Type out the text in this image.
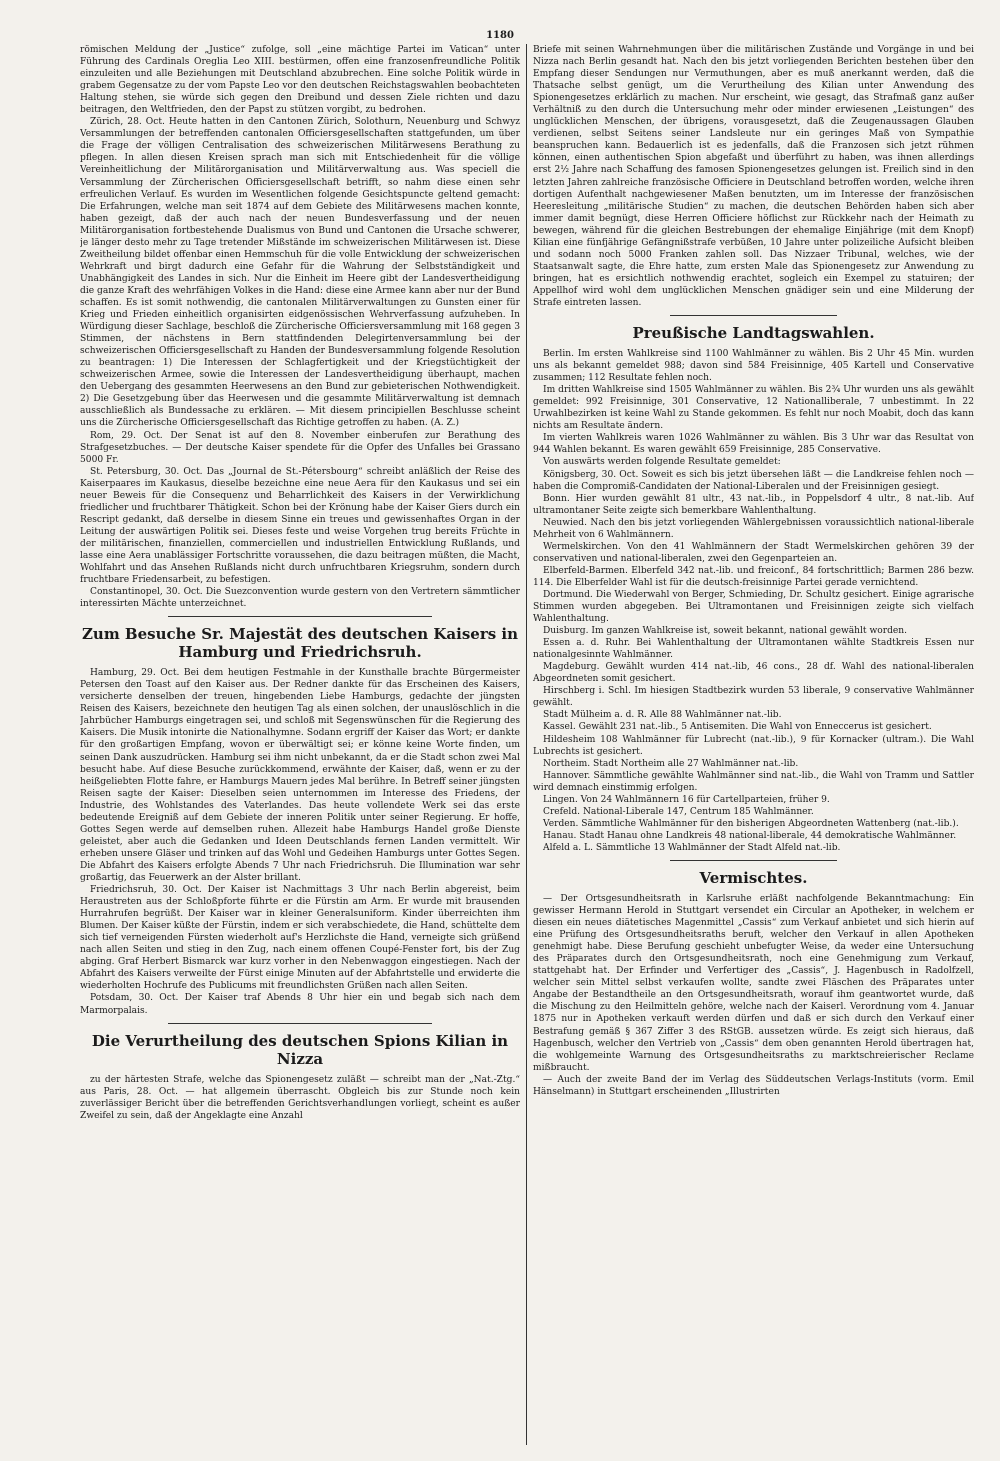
1180

römischen Meldung der „Justice“ zufolge, soll „eine mächtige Partei im Vatican“ unter Führung des Cardinals Oreglia Leo XIII. bestürmen, offen eine franzosenfreundliche Politik einzuleiten und alle Beziehungen mit Deutschland abzubrechen. Eine solche Politik würde in grabem Gegensatze zu der vom Papste Leo vor den deutschen Reichstagswahlen beobachteten Haltung stehen, sie würde sich gegen den Dreibund und dessen Ziele richten und dazu beitragen, den Weltfrieden, den der Papst zu stützen vorgibt, zu bedrohen.

Zürich, 28. Oct. Heute hatten in den Cantonen Zürich, Solothurn, Neuenburg und Schwyz Versammlungen der betreffenden cantonalen Officiersgesellschaften stattgefunden, um über die Frage der völligen Centralisation des schweizerischen Militärwesens Berathung zu pflegen. In allen diesen Kreisen sprach man sich mit Entschiedenheit für die völlige Vereinheitlichung der Militärorganisation und Militärverwaltung aus. Was speciell die Versammlung der Zürcherischen Officiersgesellschaft betrifft, so nahm diese einen sehr erfreulichen Verlauf. Es wurden im Wesentlichen folgende Gesichtspuncte geltend gemacht: Die Erfahrungen, welche man seit 1874 auf dem Gebiete des Militärwesens machen konnte, haben gezeigt, daß der auch nach der neuen Bundesverfassung und der neuen Militärorganisation fortbestehende Dualismus von Bund und Cantonen die Ursache schwerer, je länger desto mehr zu Tage tretender Mißstände im schweizerischen Militärwesen ist. Diese Zweitheilung bildet offenbar einen Hemmschuh für die volle Entwicklung der schweizerischen Wehrkraft und birgt dadurch eine Gefahr für die Wahrung der Selbstständigkeit und Unabhängigkeit des Landes in sich. Nur die Einheit im Heere gibt der Landesvertheidigung die ganze Kraft des wehrfähigen Volkes in die Hand: diese eine Armee kann aber nur der Bund schaffen. Es ist somit nothwendig, die cantonalen Militärverwaltungen zu Gunsten einer für Krieg und Frieden einheitlich organisirten eidgenössischen Wehrverfassung aufzuheben. In Würdigung dieser Sachlage, beschloß die Zürcherische Officiersversammlung mit 168 gegen 3 Stimmen, der nächstens in Bern stattfindenden Delegirtenversammlung bei der schweizerischen Officiersgesellschaft zu Handen der Bundesversammlung folgende Resolution zu beantragen: 1) Die Interessen der Schlagfertigkeit und der Kriegstüchtigkeit der schweizerischen Armee, sowie die Interessen der Landesvertheidigung überhaupt, machen den Uebergang des gesammten Heerwesens an den Bund zur gebieterischen Nothwendigkeit. 2) Die Gesetzgebung über das Heerwesen und die gesammte Militärverwaltung ist demnach ausschließlich als Bundessache zu erklären. — Mit diesem principiellen Beschlusse scheint uns die Zürcherische Officiersgesellschaft das Richtige getroffen zu haben. (A. Z.)

Rom, 29. Oct. Der Senat ist auf den 8. November einberufen zur Berathung des Strafgesetzbuches. — Der deutsche Kaiser spendete für die Opfer des Unfalles bei Grassano 5000 Fr.

St. Petersburg, 30. Oct. Das „Journal de St.-Pétersbourg“ schreibt anläßlich der Reise des Kaiserpaares im Kaukasus, dieselbe bezeichne eine neue Aera für den Kaukasus und sei ein neuer Beweis für die Consequenz und Beharrlichkeit des Kaisers in der Verwirklichung friedlicher und fruchtbarer Thätigkeit. Schon bei der Krönung habe der Kaiser Giers durch ein Rescript gedankt, daß derselbe in diesem Sinne ein treues und gewissenhaftes Organ in der Leitung der auswärtigen Politik sei. Dieses feste und weise Vorgehen trug bereits Früchte in der militärischen, finanziellen, commerciellen und industriellen Entwicklung Rußlands, und lasse eine Aera unablässiger Fortschritte voraussehen, die dazu beitragen müßten, die Macht, Wohlfahrt und das Ansehen Rußlands nicht durch unfruchtbaren Kriegsruhm, sondern durch fruchtbare Friedensarbeit, zu befestigen.

Constantinopel, 30. Oct. Die Suezconvention wurde gestern von den Vertretern sämmtlicher interessirten Mächte unterzeichnet.

Zum Besuche Sr. Majestät des deutschen Kaisers in Hamburg und Friedrichsruh.

Hamburg, 29. Oct. Bei dem heutigen Festmahle in der Kunsthalle brachte Bürgermeister Petersen den Toast auf den Kaiser aus. Der Redner dankte für das Erscheinen des Kaisers, versicherte denselben der treuen, hingebenden Liebe Hamburgs, gedachte der jüngsten Reisen des Kaisers, bezeichnete den heutigen Tag als einen solchen, der unauslöschlich in die Jahrbücher Hamburgs eingetragen sei, und schloß mit Segenswünschen für die Regierung des Kaisers. Die Musik intonirte die Nationalhymne. Sodann ergriff der Kaiser das Wort; er dankte für den großartigen Empfang, wovon er überwältigt sei; er könne keine Worte finden, um seinen Dank auszudrücken. Hamburg sei ihm nicht unbekannt, da er die Stadt schon zwei Mal besucht habe. Auf diese Besuche zurückkommend, erwähnte der Kaiser, daß, wenn er zu der heißgeliebten Flotte fahre, er Hamburgs Mauern jedes Mal berühre. In Betreff seiner jüngsten Reisen sagte der Kaiser: Dieselben seien unternommen im Interesse des Friedens, der Industrie, des Wohlstandes des Vaterlandes. Das heute vollendete Werk sei das erste bedeutende Ereigniß auf dem Gebiete der inneren Politik unter seiner Regierung. Er hoffe, Gottes Segen werde auf demselben ruhen. Allezeit habe Hamburgs Handel große Dienste geleistet, aber auch die Gedanken und Ideen Deutschlands fernen Landen vermittelt. Wir erheben unsere Gläser und trinken auf das Wohl und Gedeihen Hamburgs unter Gottes Segen. Die Abfahrt des Kaisers erfolgte Abends 7 Uhr nach Friedrichsruh. Die Illumination war sehr großartig, das Feuerwerk an der Alster brillant.

Friedrichsruh, 30. Oct. Der Kaiser ist Nachmittags 3 Uhr nach Berlin abgereist, beim Heraustreten aus der Schloßpforte führte er die Fürstin am Arm. Er wurde mit brausenden Hurrahrufen begrüßt. Der Kaiser war in kleiner Generalsuniform. Kinder überreichten ihm Blumen. Der Kaiser küßte der Fürstin, indem er sich verabschiedete, die Hand, schüttelte dem sich tief verneigenden Fürsten wiederholt auf's Herzlichste die Hand, verneigte sich grüßend nach allen Seiten und stieg in den Zug, nach einem offenen Coupé-Fenster fort, bis der Zug abging. Graf Herbert Bismarck war kurz vorher in den Nebenwaggon eingestiegen. Nach der Abfahrt des Kaisers verweilte der Fürst einige Minuten auf der Abfahrtstelle und erwiderte die wiederholten Hochrufe des Publicums mit freundlichsten Grüßen nach allen Seiten.

Potsdam, 30. Oct. Der Kaiser traf Abends 8 Uhr hier ein und begab sich nach dem Marmorpalais.

Die Verurtheilung des deutschen Spions Kilian in Nizza

zu der härtesten Strafe, welche das Spionengesetz zuläßt — schreibt man der „Nat.-Ztg.“ aus Paris, 28. Oct. — hat allgemein überrascht. Obgleich bis zur Stunde noch kein zuverlässiger Bericht über die betreffenden Gerichtsverhandlungen vorliegt, scheint es außer Zweifel zu sein, daß der Angeklagte eine Anzahl

Briefe mit seinen Wahrnehmungen über die militärischen Zustände und Vorgänge in und bei Nizza nach Berlin gesandt hat. Nach den bis jetzt vorliegenden Berichten bestehen über den Empfang dieser Sendungen nur Vermuthungen, aber es muß anerkannt werden, daß die Thatsache selbst genügt, um die Verurtheilung des Kilian unter Anwendung des Spionengesetzes erklärlich zu machen. Nur erscheint, wie gesagt, das Strafmaß ganz außer Verhältniß zu den durch die Untersuchung mehr oder minder erwiesenen „Leistungen“ des unglücklichen Menschen, der übrigens, vorausgesetzt, daß die Zeugenaussagen Glauben verdienen, selbst Seitens seiner Landsleute nur ein geringes Maß von Sympathie beanspruchen kann. Bedauerlich ist es jedenfalls, daß die Franzosen sich jetzt rühmen können, einen authentischen Spion abgefaßt und überführt zu haben, was ihnen allerdings erst 2½ Jahre nach Schaffung des famosen Spionengesetzes gelungen ist. Freilich sind in den letzten Jahren zahlreiche französische Officiere in Deutschland betroffen worden, welche ihren dortigen Aufenthalt nachgewiesener Maßen benutzten, um im Interesse der französischen Heeresleitung „militärische Studien“ zu machen, die deutschen Behörden haben sich aber immer damit begnügt, diese Herren Officiere höflichst zur Rückkehr nach der Heimath zu bewegen, während für die gleichen Bestrebungen der ehemalige Einjährige (mit dem Knopf) Kilian eine fünfjährige Gefängnißstrafe verbüßen, 10 Jahre unter polizeiliche Aufsicht bleiben und sodann noch 5000 Franken zahlen soll. Das Nizzaer Tribunal, welches, wie der Staatsanwalt sagte, die Ehre hatte, zum ersten Male das Spionengesetz zur Anwendung zu bringen, hat es ersichtlich nothwendig erachtet, sogleich ein Exempel zu statuiren; der Appellhof wird wohl dem unglücklichen Menschen gnädiger sein und eine Milderung der Strafe eintreten lassen.

Preußische Landtagswahlen.

Berlin. Im ersten Wahlkreise sind 1100 Wahlmänner zu wählen. Bis 2 Uhr 45 Min. wurden uns als bekannt gemeldet 988; davon sind 584 Freisinnige, 405 Kartell und Conservative zusammen; 112 Resultate fehlen noch.

Im dritten Wahlkreise sind 1505 Wahlmänner zu wählen. Bis 2¾ Uhr wurden uns als gewählt gemeldet: 992 Freisinnige, 301 Conservative, 12 Nationalliberale, 7 unbestimmt. In 22 Urwahlbezirken ist keine Wahl zu Stande gekommen. Es fehlt nur noch Moabit, doch das kann nichts am Resultate ändern.

Im vierten Wahlkreis waren 1026 Wahlmänner zu wählen. Bis 3 Uhr war das Resultat von 944 Wahlen bekannt. Es waren gewählt 659 Freisinnige, 285 Conservative.

Von auswärts werden folgende Resultate gemeldet:

Königsberg, 30. Oct. Soweit es sich bis jetzt übersehen läßt — die Landkreise fehlen noch — haben die Compromiß-Candidaten der National-Liberalen und der Freisinnigen gesiegt.

Bonn. Hier wurden gewählt 81 ultr., 43 nat.-lib., in Poppelsdorf 4 ultr., 8 nat.-lib. Auf ultramontaner Seite zeigte sich bemerkbare Wahlenthaltung.

Neuwied. Nach den bis jetzt vorliegenden Wählergebnissen voraussichtlich national-liberale Mehrheit von 6 Wahlmännern.

Wermelskirchen. Von den 41 Wahlmännern der Stadt Wermelskirchen gehören 39 der conservativen und national-liberalen, zwei den Gegenparteien an.

Elberfeld-Barmen. Elberfeld 342 nat.-lib. und freiconf., 84 fortschrittlich; Barmen 286 bezw. 114. Die Elberfelder Wahl ist für die deutsch-freisinnige Partei gerade vernichtend.

Dortmund. Die Wiederwahl von Berger, Schmieding, Dr. Schultz gesichert. Einige agrarische Stimmen wurden abgegeben. Bei Ultramontanen und Freisinnigen zeigte sich vielfach Wahlenthaltung.

Duisburg. Im ganzen Wahlkreise ist, soweit bekannt, national gewählt worden.

Essen a. d. Ruhr. Bei Wahlenthaltung der Ultramontanen wählte Stadtkreis Essen nur nationalgesinnte Wahlmänner.

Magdeburg. Gewählt wurden 414 nat.-lib, 46 cons., 28 df. Wahl des national-liberalen Abgeordneten somit gesichert.

Hirschberg i. Schl. Im hiesigen Stadtbezirk wurden 53 liberale, 9 conservative Wahlmänner gewählt.

Stadt Mülheim a. d. R. Alle 88 Wahlmänner nat.-lib.

Kassel. Gewählt 231 nat.-lib., 5 Antisemiten. Die Wahl von Enneccerus ist gesichert.

Hildesheim 108 Wahlmänner für Lubrecht (nat.-lib.), 9 für Kornacker (ultram.). Die Wahl Lubrechts ist gesichert.

Northeim. Stadt Northeim alle 27 Wahlmänner nat.-lib.

Hannover. Sämmtliche gewählte Wahlmänner sind nat.-lib., die Wahl von Tramm und Sattler wird demnach einstimmig erfolgen.

Lingen. Von 24 Wahlmännern 16 für Cartellparteien, früher 9.

Crefeld. National-Liberale 147, Centrum 185 Wahlmänner.

Verden. Sämmtliche Wahlmänner für den bisherigen Abgeordneten Wattenberg (nat.-lib.).

Hanau. Stadt Hanau ohne Landkreis 48 national-liberale, 44 demokratische Wahlmänner.

Alfeld a. L. Sämmtliche 13 Wahlmänner der Stadt Alfeld nat.-lib.

Vermischtes.

— Der Ortsgesundheitsrath in Karlsruhe erläßt nachfolgende Bekanntmachung: Ein gewisser Hermann Herold in Stuttgart versendet ein Circular an Apotheker, in welchem er diesen ein neues diätetisches Magenmittel „Cassis“ zum Verkauf anbietet und sich hierin auf eine Prüfung des Ortsgesundheitsraths beruft, welcher den Verkauf in allen Apotheken genehmigt habe. Diese Berufung geschieht unbefugter Weise, da weder eine Untersuchung des Präparates durch den Ortsgesundheitsrath, noch eine Genehmigung zum Verkauf, stattgehabt hat. Der Erfinder und Verfertiger des „Cassis“, J. Hagenbusch in Radolfzell, welcher sein Mittel selbst verkaufen wollte, sandte zwei Fläschen des Präparates unter Angabe der Bestandtheile an den Ortsgesundheitsrath, worauf ihm geantwortet wurde, daß die Mischung zu den Heilmitteln gehöre, welche nach der Kaiserl. Verordnung vom 4. Januar 1875 nur in Apotheken verkauft werden dürfen und daß er sich durch den Verkauf einer Bestrafung gemäß § 367 Ziffer 3 des RStGB. aussetzen würde. Es zeigt sich hieraus, daß Hagenbusch, welcher den Vertrieb von „Cassis“ dem oben genannten Herold übertragen hat, die wohlgemeinte Warnung des Ortsgesundheitsraths zu marktschreierischer Reclame mißbraucht.

— Auch der zweite Band der im Verlag des Süddeutschen Verlags-Instituts (vorm. Emil Hänselmann) in Stuttgart erscheinenden „Illustrirten
